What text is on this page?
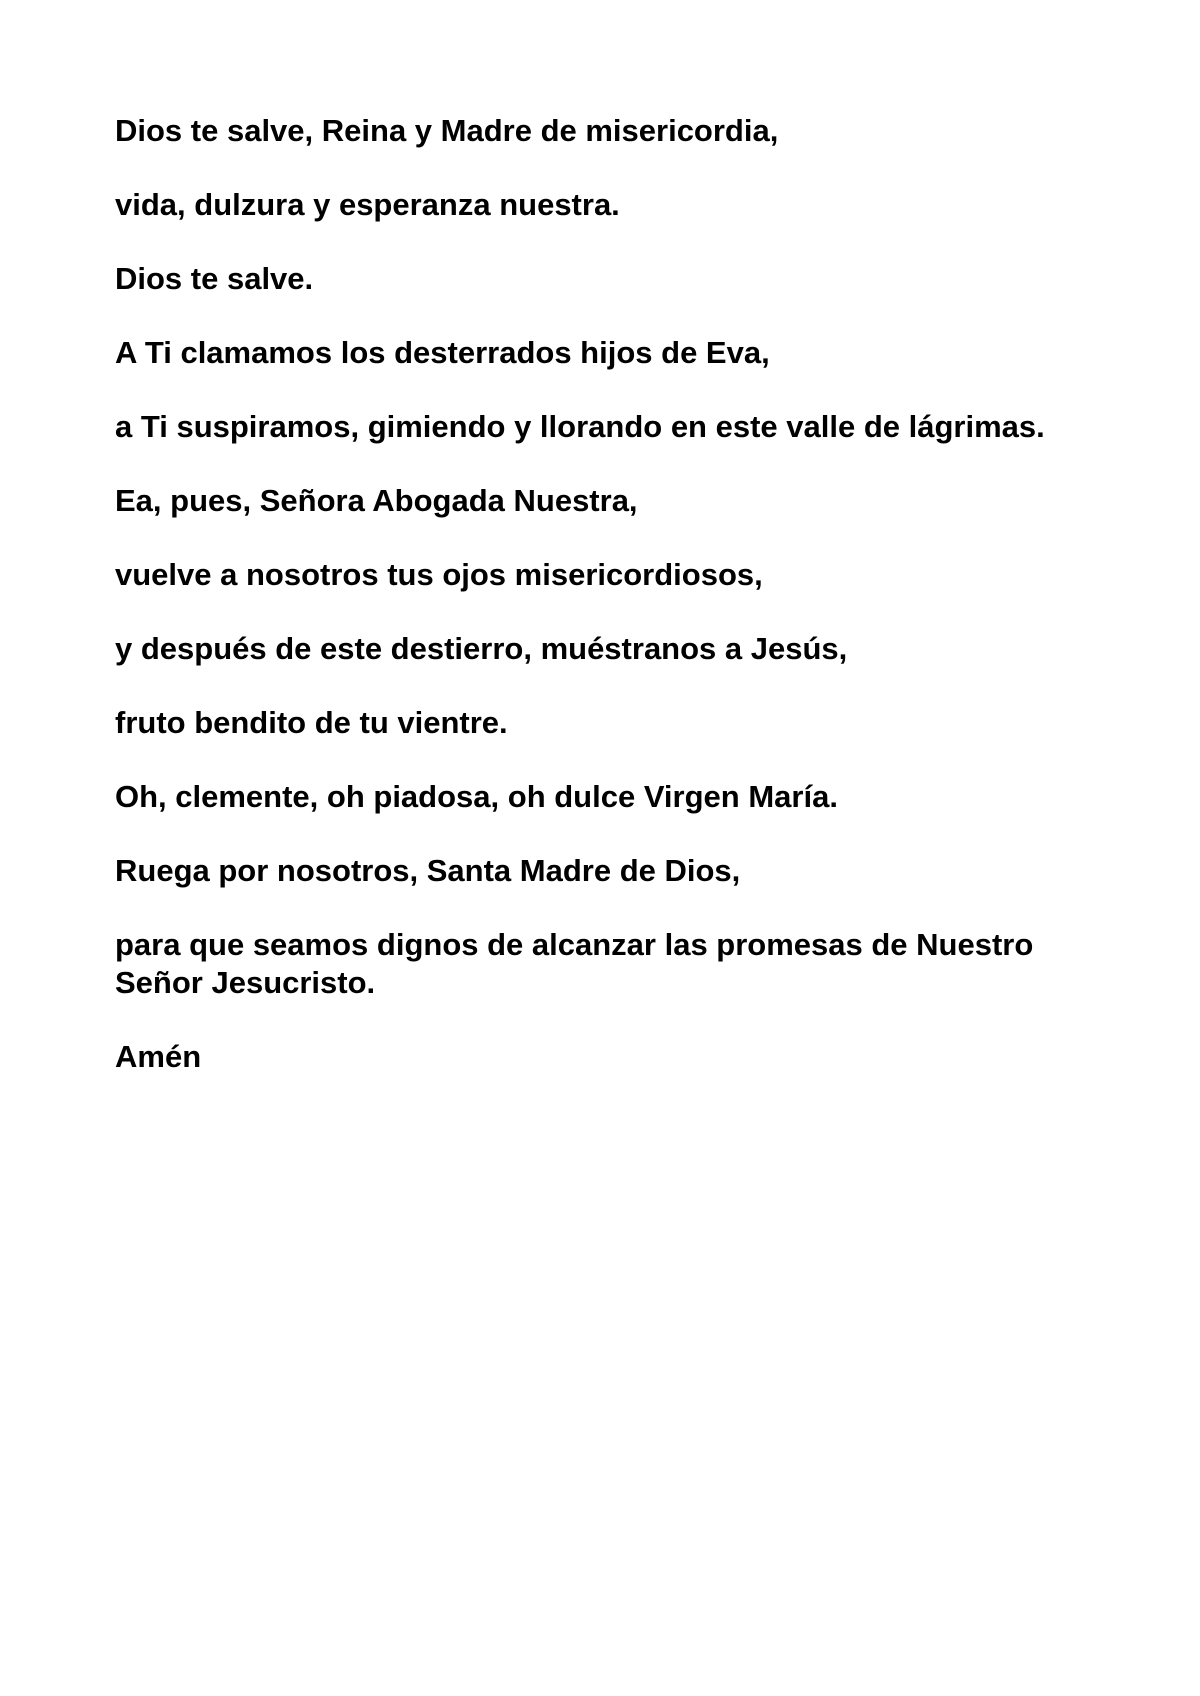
Dios te salve, Reina y Madre de misericordia,

vida, dulzura y esperanza nuestra.

Dios te salve.

A Ti clamamos los desterrados hijos de Eva,

a Ti suspiramos, gimiendo y llorando en este valle de lágrimas.

Ea, pues, Señora Abogada Nuestra,

vuelve a nosotros tus ojos misericordiosos,

y después de este destierro, muéstranos a Jesús,

fruto bendito de tu vientre.

Oh, clemente, oh piadosa, oh dulce Virgen María.

Ruega por nosotros, Santa Madre de Dios,

para que seamos dignos de alcanzar las promesas de Nuestro Señor Jesucristo.

Amén
